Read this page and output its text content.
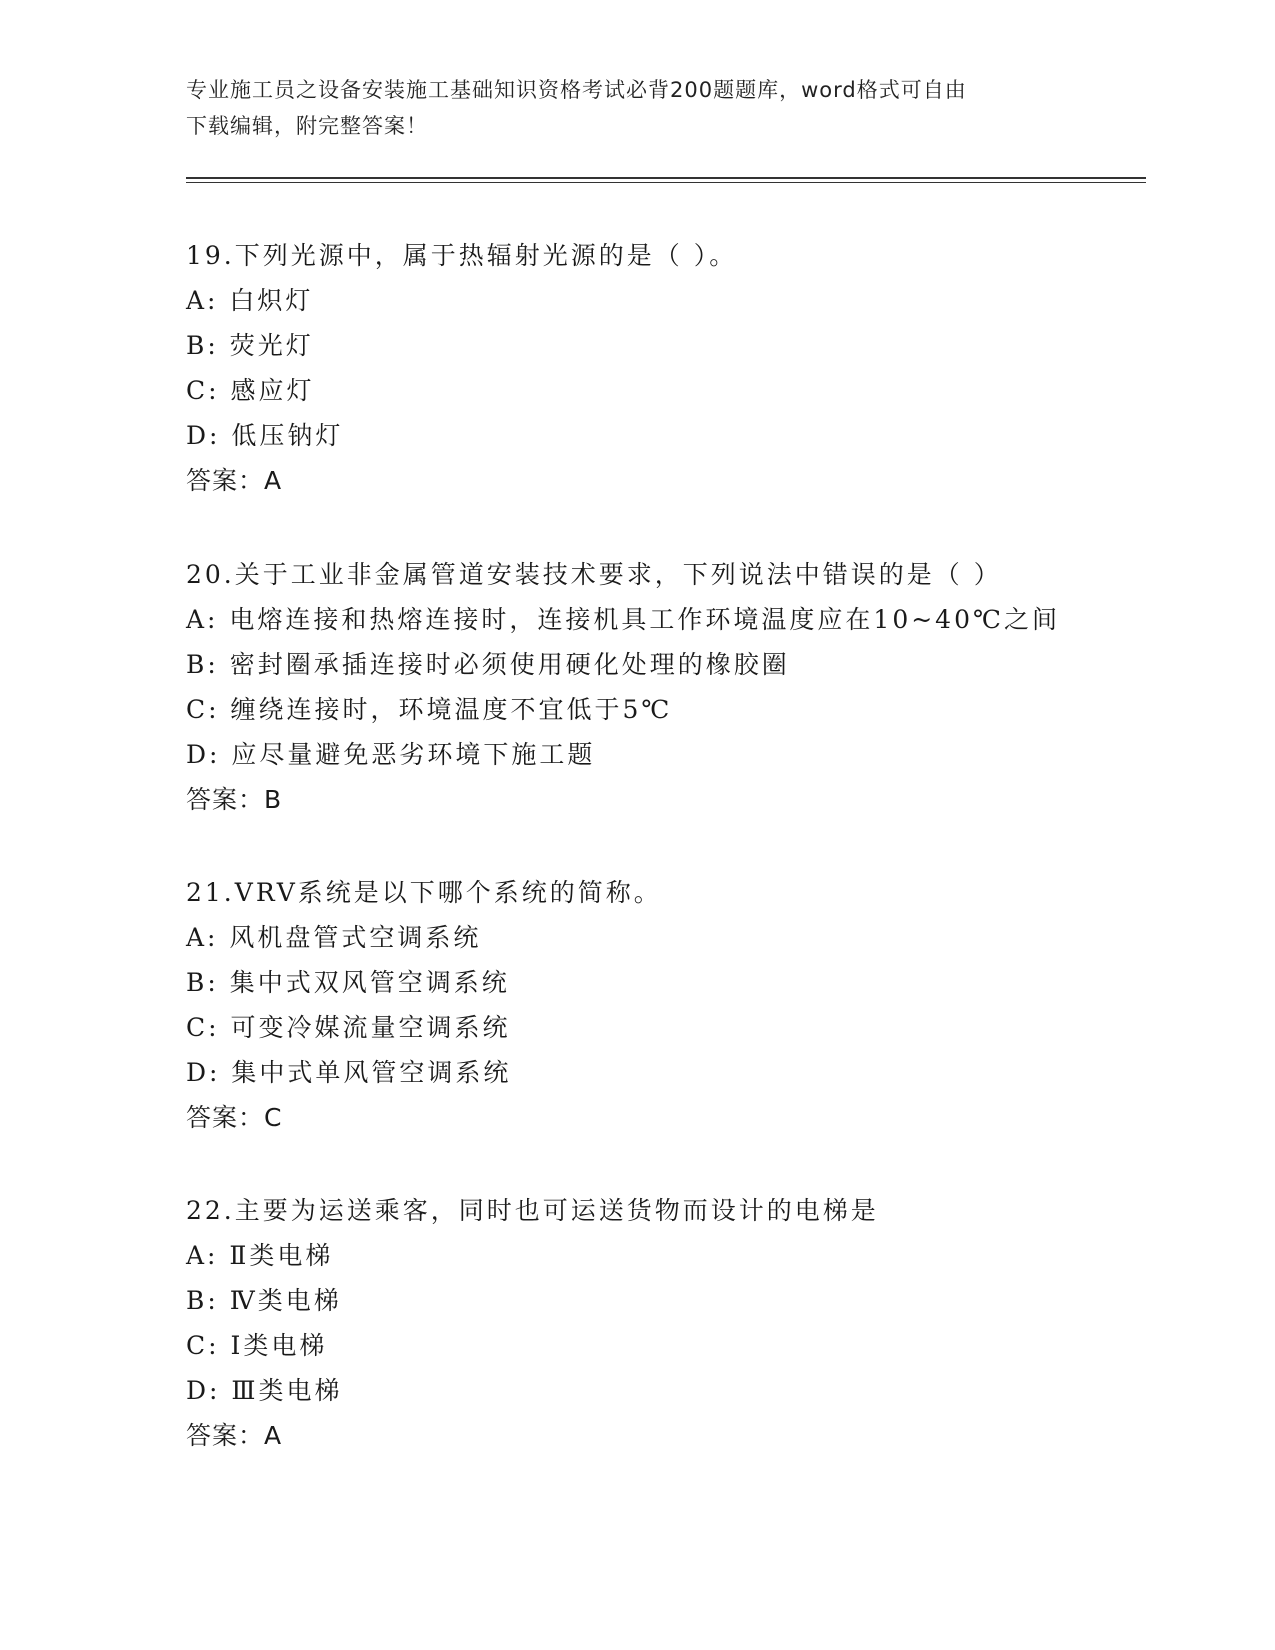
专业施工员之设备安装施工基础知识资格考试必背200题题库，word格式可自由
下载编辑，附完整答案！
19.下列光源中，属于热辐射光源的是（ ）。
A: 白炽灯
B: 荧光灯
C: 感应灯
D: 低压钠灯
答案：A
20.关于工业非金属管道安装技术要求，下列说法中错误的是（ ）
A: 电熔连接和热熔连接时，连接机具工作环境温度应在10~40℃之间
B: 密封圈承插连接时必须使用硬化处理的橡胶圈
C: 缠绕连接时，环境温度不宜低于5℃
D: 应尽量避免恶劣环境下施工题
答案：B
21.VRV系统是以下哪个系统的简称。
A: 风机盘管式空调系统
B: 集中式双风管空调系统
C: 可变冷媒流量空调系统
D: 集中式单风管空调系统
答案：C
22.主要为运送乘客，同时也可运送货物而设计的电梯是
A: Ⅱ类电梯
B: Ⅳ类电梯
C: Ⅰ类电梯
D: Ⅲ类电梯
答案：A
